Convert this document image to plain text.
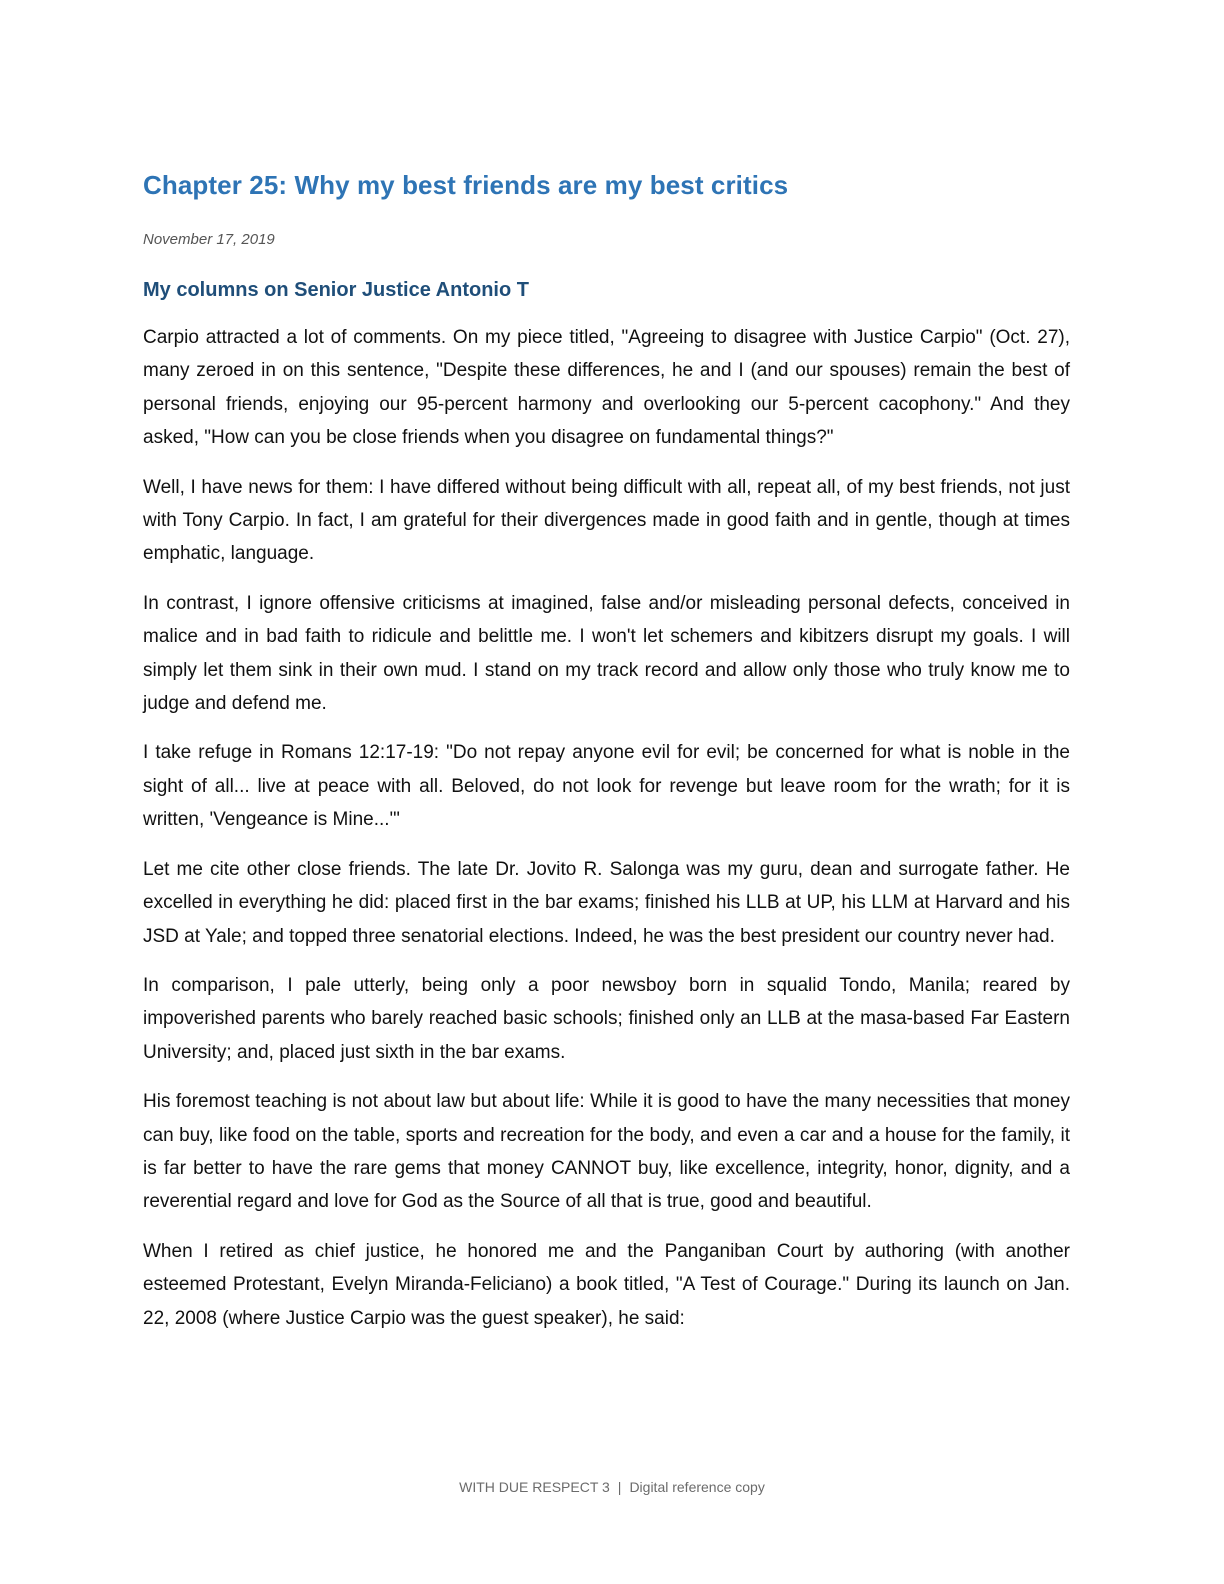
Chapter 25: Why my best friends are my best critics

November 17, 2019

My columns on Senior Justice Antonio T

Carpio attracted a lot of comments. On my piece titled, "Agreeing to disagree with Justice Carpio" (Oct. 27), many zeroed in on this sentence, "Despite these differences, he and I (and our spouses) remain the best of personal friends, enjoying our 95-percent harmony and overlooking our 5-percent cacophony." And they asked, "How can you be close friends when you disagree on fundamental things?"

Well, I have news for them: I have differed without being difficult with all, repeat all, of my best friends, not just with Tony Carpio. In fact, I am grateful for their divergences made in good faith and in gentle, though at times emphatic, language.

In contrast, I ignore offensive criticisms at imagined, false and/or misleading personal defects, conceived in malice and in bad faith to ridicule and belittle me. I won't let schemers and kibitzers disrupt my goals. I will simply let them sink in their own mud. I stand on my track record and allow only those who truly know me to judge and defend me.

I take refuge in Romans 12:17-19: "Do not repay anyone evil for evil; be concerned for what is noble in the sight of all... live at peace with all. Beloved, do not look for revenge but leave room for the wrath; for it is written, 'Vengeance is Mine...'"

Let me cite other close friends. The late Dr. Jovito R. Salonga was my guru, dean and surrogate father. He excelled in everything he did: placed first in the bar exams; finished his LLB at UP, his LLM at Harvard and his JSD at Yale; and topped three senatorial elections. Indeed, he was the best president our country never had.

In comparison, I pale utterly, being only a poor newsboy born in squalid Tondo, Manila; reared by impoverished parents who barely reached basic schools; finished only an LLB at the masa-based Far Eastern University; and, placed just sixth in the bar exams.

His foremost teaching is not about law but about life: While it is good to have the many necessities that money can buy, like food on the table, sports and recreation for the body, and even a car and a house for the family, it is far better to have the rare gems that money CANNOT buy, like excellence, integrity, honor, dignity, and a reverential regard and love for God as the Source of all that is true, good and beautiful.

When I retired as chief justice, he honored me and the Panganiban Court by authoring (with another esteemed Protestant, Evelyn Miranda-Feliciano) a book titled, "A Test of Courage." During its launch on Jan. 22, 2008 (where Justice Carpio was the guest speaker), he said:

WITH DUE RESPECT 3 | Digital reference copy
